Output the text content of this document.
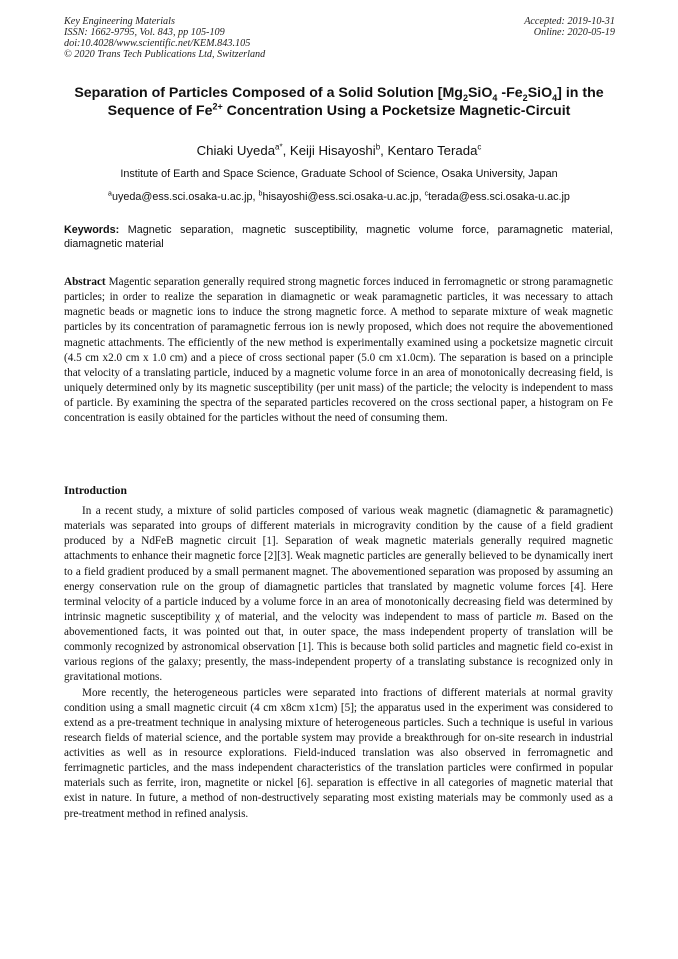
Key Engineering Materials
ISSN: 1662-9795, Vol. 843, pp 105-109
doi:10.4028/www.scientific.net/KEM.843.105
© 2020 Trans Tech Publications Ltd, Switzerland
Accepted: 2019-10-31
Online: 2020-05-19
Separation of Particles Composed of a Solid Solution [$Mg_2SiO_4$ $-Fe_2SiO_4$] in the Sequence of $Fe^{2+}$ Concentration Using a Pocketsize Magnetic-Circuit
Chiaki Uyeda$^{a*}$, Keiji Hisayoshi$^b$, Kentaro Terada$^c$
Institute of Earth and Space Science, Graduate School of Science, Osaka University, Japan
$^a$uyeda@ess.sci.osaka-u.ac.jp, $^b$hisayoshi@ess.sci.osaka-u.ac.jp, $^c$terada@ess.sci.osaka-u.ac.jp
Keywords: Magnetic separation, magnetic susceptibility, magnetic volume force, paramagnetic material, diamagnetic material
Abstract Magentic separation generally required strong magnetic forces induced in ferromagnetic or strong paramagnetic particles; in order to realize the separation in diamagnetic or weak paramagnetic particles, it was necessary to attach magnetic beads or magnetic ions to induce the strong magnetic force. A method to separate mixture of weak magnetic particles by its concentration of paramagnetic ferrous ion is newly proposed, which does not require the abovementioned magnetic attachments. The efficiently of the new method is experimentally examined using a pocketsize magnetic circuit (4.5 cm x2.0 cm x 1.0 cm) and a piece of cross sectional paper (5.0 cm x1.0cm). The separation is based on a principle that velocity of a translating particle, induced by a magnetic volume force in an area of monotonically decreasing field, is uniquely determined only by its magnetic susceptibility (per unit mass) of the particle; the velocity is independent to mass of particle. By examining the spectra of the separated particles recovered on the cross sectional paper, a histogram on Fe concentration is easily obtained for the particles without the need of consuming them.
Introduction

In a recent study, a mixture of solid particles composed of various weak magnetic (diamagnetic & paramagnetic) materials was separated into groups of different materials in microgravity condition by the cause of a field gradient produced by a NdFeB magnetic circuit [1]. Separation of weak magnetic materials generally required magnetic attachments to enhance their magnetic force [2][3]. Weak magnetic particles are generally believed to be dynamically inert to a field gradient produced by a small permanent magnet. The abovementioned separation was proposed by assuming an energy conservation rule on the group of diamagnetic particles that translated by magnetic volume forces [4]. Here terminal velocity of a particle induced by a volume force in an area of monotonically decreasing field was determined by intrinsic magnetic susceptibility χ of material, and the velocity was independent to mass of particle m. Based on the abovementioned facts, it was pointed out that, in outer space, the mass independent property of translation will be commonly recognized by astronomical observation [1]. This is because both solid particles and magnetic field co-exist in various regions of the galaxy; presently, the mass-independent property of a translating substance is recognized only in gravitational motions.

More recently, the heterogeneous particles were separated into fractions of different materials at normal gravity condition using a small magnetic circuit (4 cm x8cm x1cm) [5]; the apparatus used in the experiment was considered to extend as a pre-treatment technique in analysing mixture of heterogeneous particles. Such a technique is useful in various research fields of material science, and the portable system may provide a breakthrough for on-site research in industrial activities as well as in resource explorations. Field-induced translation was also observed in ferromagnetic and ferrimagnetic particles, and the mass independent characteristics of the translation particles were confirmed in popular materials such as ferrite, iron, magnetite or nickel [6]. separation is effective in all categories of magnetic material that exist in nature. In future, a method of non-destructively separating most existing materials may be commonly used as a pre-treatment method in refined analysis.
